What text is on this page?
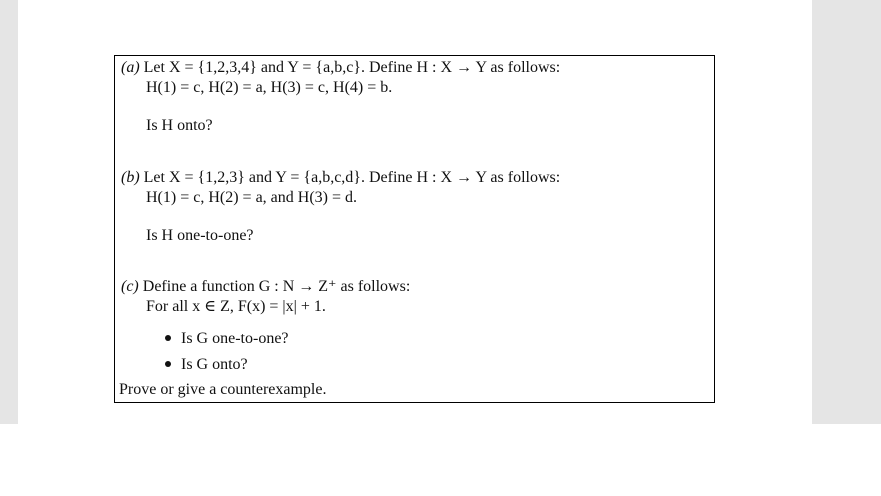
(a) Let X = {1,2,3,4} and Y = {a,b,c}. Define H : X → Y as follows:
H(1) = c, H(2) = a, H(3) = c, H(4) = b.
Is H onto?
(b) Let X = {1,2,3} and Y = {a,b,c,d}. Define H : X → Y as follows:
H(1) = c, H(2) = a, and H(3) = d.
Is H one-to-one?
(c) Define a function G : N → Z⁺ as follows:
For all x ∈ Z, F(x) = |x| + 1.
Is G one-to-one?
Is G onto?
Prove or give a counterexample.
